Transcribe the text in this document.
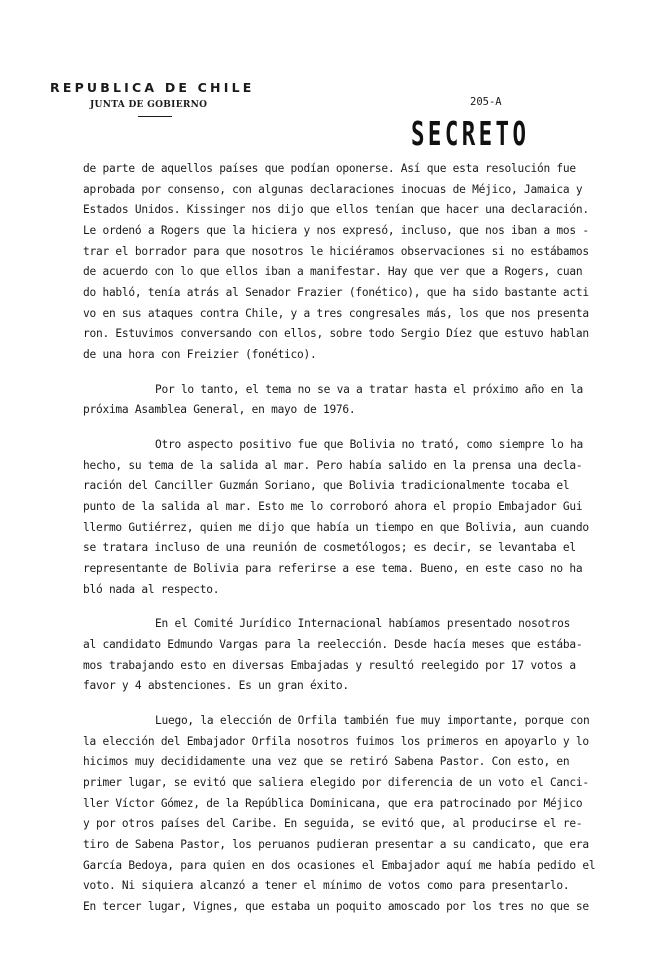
REPUBLICA DE CHILE
JUNTA DE GOBIERNO	205-A
SECRETO
de parte de aquellos países que podían oponerse. Así que esta resolución fue
aprobada por consenso, con algunas declaraciones inocuas de Méjico, Jamaica y
Estados Unidos. Kissinger nos dijo que ellos tenían que hacer una declaración.
Le ordenó a Rogers que la hiciera y nos expresó, incluso, que nos iban a mos -
trar el borrador para que nosotros le hiciéramos observaciones si no estábamos
de acuerdo con lo que ellos iban a manifestar. Hay que ver que a Rogers, cuan
do habló, tenía atrás al Senador Frazier (fonético), que ha sido bastante acti
vo en sus ataques contra Chile, y a tres congresales más, los que nos presenta
ron. Estuvimos conversando con ellos, sobre todo Sergio Díez que estuvo hablan
de una hora con Freizier (fonético).
Por lo tanto, el tema no se va a tratar hasta el próximo año en la
próxima Asamblea General, en mayo de 1976.
Otro aspecto positivo fue que Bolivia no trató, como siempre lo ha
hecho, su tema de la salida al mar. Pero había salido en la prensa una decla-
ración del Canciller Guzmán Soriano, que Bolivia tradicionalmente tocaba el
punto de la salida al mar. Esto me lo corroboró ahora el propio Embajador Gui
llermo Gutiérrez, quien me dijo que había un tiempo en que Bolivia, aun cuando
se tratara incluso de una reunión de cosmetólogos; es decir, se levantaba el
representante de Bolivia para referirse a ese tema. Bueno, en este caso no ha
bló nada al respecto.
En el Comité Jurídico Internacional habíamos presentado nosotros
al candidato Edmundo Vargas para la reelección. Desde hacía meses que estába-
mos trabajando esto en diversas Embajadas y resultó reelegido por 17 votos a
favor y 4 abstenciones. Es un gran éxito.
Luego, la elección de Orfila también fue muy importante, porque con
la elección del Embajador Orfila nosotros fuimos los primeros en apoyarlo y lo
hicimos muy decididamente una vez que se retiró Sabena Pastor. Con esto, en
primer lugar, se evitó que saliera elegido por diferencia de un voto el Canci-
ller Víctor Gómez, de la República Dominicana, que era patrocinado por Méjico
y por otros países del Caribe. En seguida, se evitó que, al producirse el re-
tiro de Sabena Pastor, los peruanos pudieran presentar a su candicato, que era
García Bedoya, para quien en dos ocasiones el Embajador aquí me había pedido el
voto. Ni siquiera alcanzó a tener el mínimo de votos como para presentarlo.
En tercer lugar, Vignes, que estaba un poquito amoscado por los tres no que se
